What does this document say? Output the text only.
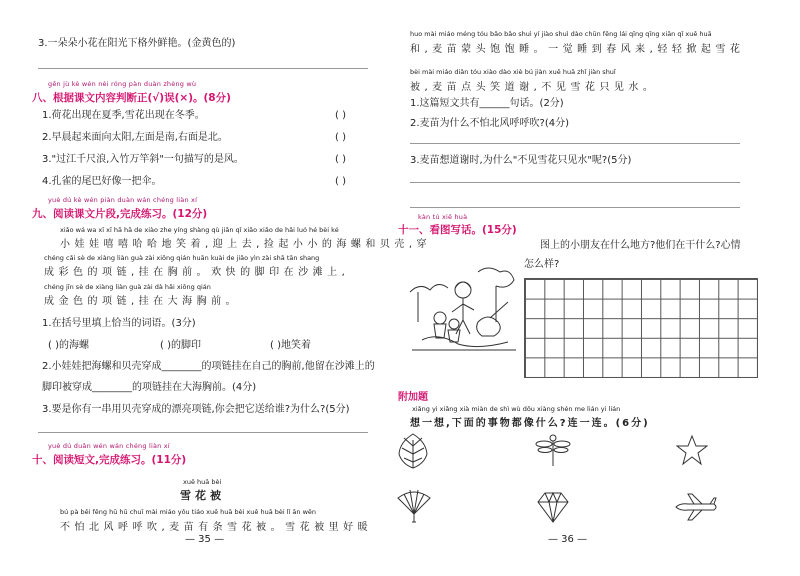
3.一朵朵小花在阳光下格外鲜艳。(金黄色的)
gēn jù kè wén nèi róng pàn duàn zhèng wù
八、根据课文内容判断正(√)误(×)。(8分)
1.荷花出现在夏季,雪花出现在冬季。	( )
2.早晨起来面向太阳,左面是南,右面是北。	( )
3."过江千尺浪,入竹万竿斜"一句描写的是风。	( )
4.孔雀的尾巴好像一把伞。	( )
yuè dú kè wén piàn duàn wán chéng liàn xí
九、阅读课文片段,完成练习。(12分)
xiǎo wá wa xī xī hā hā de xiào zhe yíng shàng qù jiǎn qǐ xiǎo xiǎo de hǎi luó hé bèi ké
小娃娃嘻嘻哈哈地笑着,迎上去,捡起小小的海螺和贝壳,穿
chéng cǎi sè de xiàng liàn guà zài xiōng qián huān kuài de jiǎo yìn zài shā tān shang
成彩色的项链,挂在胸前。欢快的脚印在沙滩上,
chéng jīn sè de xiàng liàn guà zài dà hǎi xiōng qián
成金色的项链,挂在大海胸前。
1.在括号里填上恰当的词语。(3分)
( )的海螺	( )的脚印	( )地笑着
2.小娃娃把海螺和贝壳穿成________的项链挂在自己的胸前,他留在沙滩上的
脚印被穿成________的项链挂在大海胸前。(4分)
3.要是你有一串用贝壳穿成的漂亮项链,你会把它送给谁?为什么?(5分)
yuè dú duǎn wén wán chéng liàn xí
十、阅读短文,完成练习。(11分)
xuě huā bèi
雪花被
bú pà běi fēng hū hū chuī mài miáo yǒu tiáo xuě huā bèi xuě huā bèi lǐ ān wēn
不怕北风呼呼吹,麦苗有条雪花被。雪花被里好暖
— 35 —
huo mài miáo méng tóu bǎo bǎo shuì yí jiào shuì dào chūn fēng lái qīng qīng xiān qǐ xuě huā
和,麦苗蒙头饱饱睡。一觉睡到春风来,轻轻掀起雪花
bèi mài miáo diǎn tóu xiào dào xiè bú jiàn xuě huā zhǐ jiàn shuǐ
被,麦苗点头笑道谢,不见雪花只见水。
1.这篇短文共有______句话。(2分)
2.麦苗为什么不怕北风呼呼吹?(4分)
3.麦苗想道谢时,为什么"不见雪花只见水"呢?(5分)
kàn tú xiě huà
十一、看图写话。(15分)
图上的小朋友在什么地方?他们在干什么?心情
怎么样?
附加题
xiǎng yi xiǎng xià miàn de shì wù dōu xiàng shén me lián yi lián
想一想,下面的事物都像什么?连一连。(6分)
— 36 —
